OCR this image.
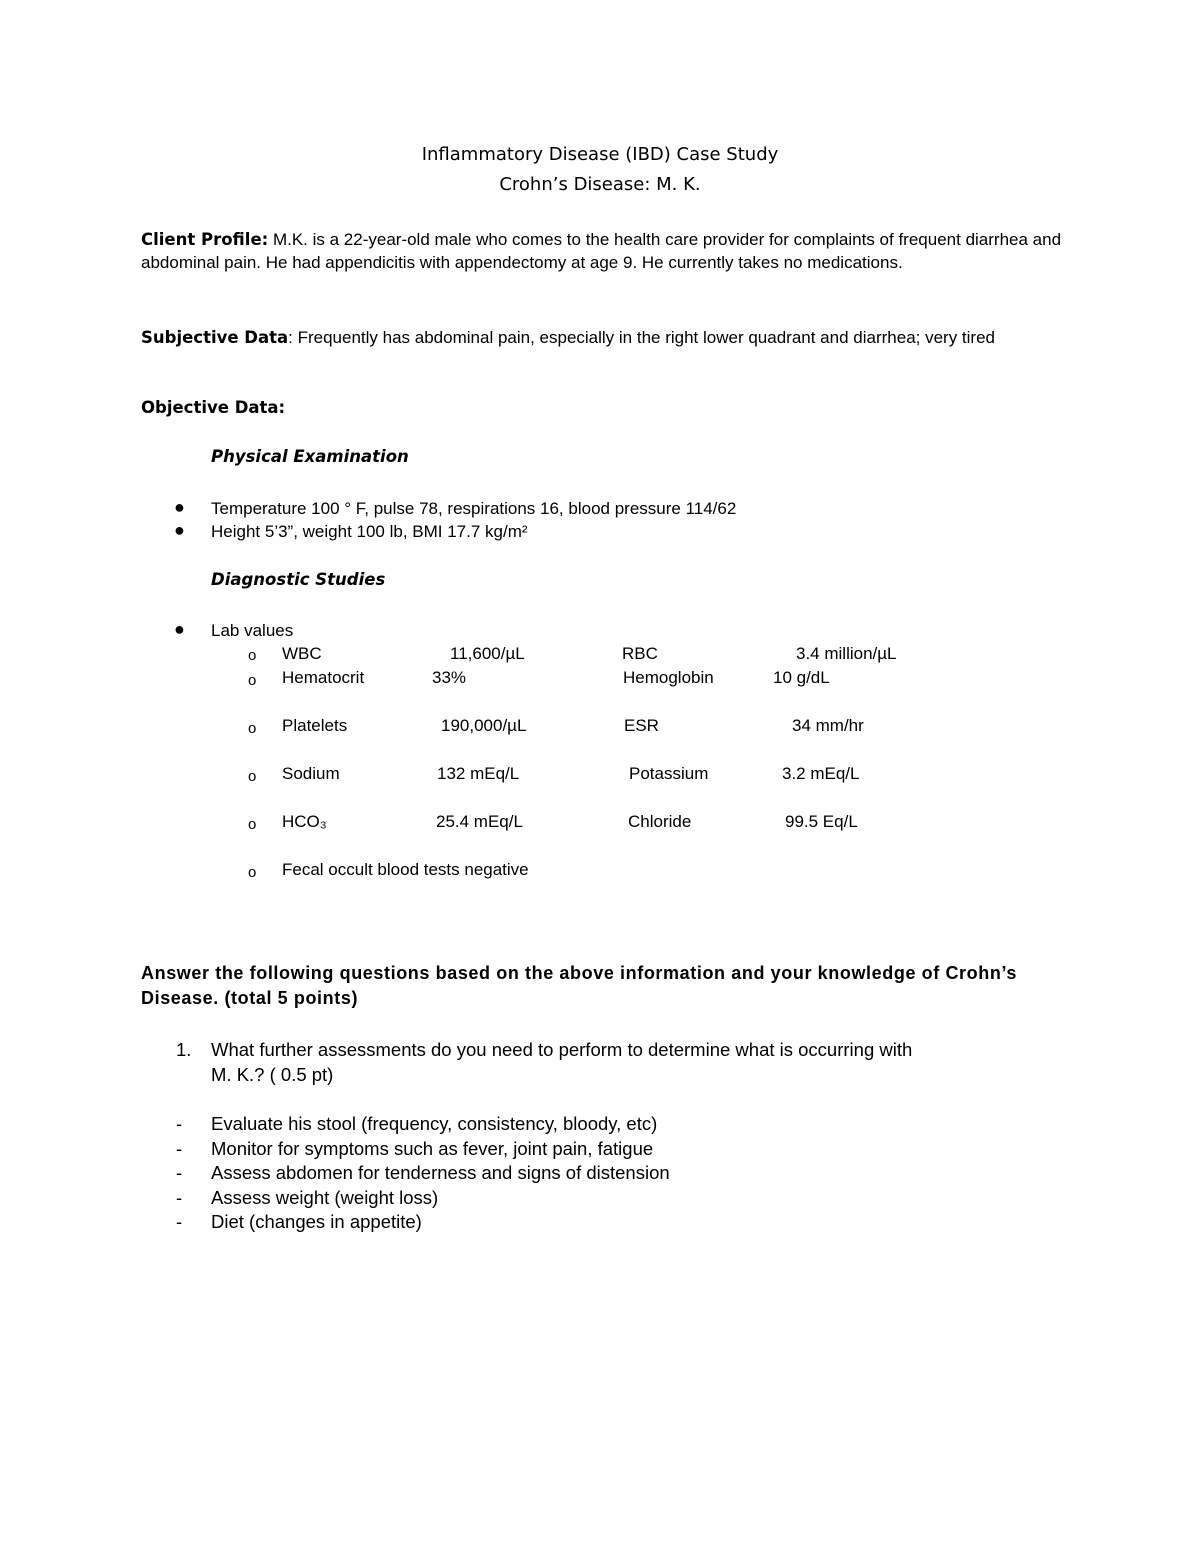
Inflammatory Disease (IBD) Case Study
Crohn’s Disease: M. K.
Client Profile: M.K. is a 22-year-old male who comes to the health care provider for complaints of frequent diarrhea and abdominal pain. He had appendicitis with appendectomy at age 9. He currently takes no medications.
Subjective Data: Frequently has abdominal pain, especially in the right lower quadrant and diarrhea; very tired
Objective Data:
Physical Examination
● Temperature 100 ° F, pulse 78, respirations 16, blood pressure 114/62
● Height 5’3”, weight 100 lb, BMI 17.7 kg/m²
Diagnostic Studies
● Lab values
o WBC	11,600/µL	RBC	3.4 million/µL
o Hematocrit	33%	Hemoglobin	10 g/dL
o Platelets	190,000/µL	ESR	34 mm/hr
o Sodium	132 mEq/L	Potassium	3.2 mEq/L
o HCO₃	25.4 mEq/L	Chloride	99.5 Eq/L
o Fecal occult blood tests negative
Answer the following questions based on the above information and your knowledge of Crohn’s Disease. (total 5 points)
1. What further assessments do you need to perform to determine what is occurring with
M. K.? ( 0.5 pt)
- Evaluate his stool (frequency, consistency, bloody, etc)
- Monitor for symptoms such as fever, joint pain, fatigue
- Assess abdomen for tenderness and signs of distension
- Assess weight (weight loss)
- Diet (changes in appetite)
